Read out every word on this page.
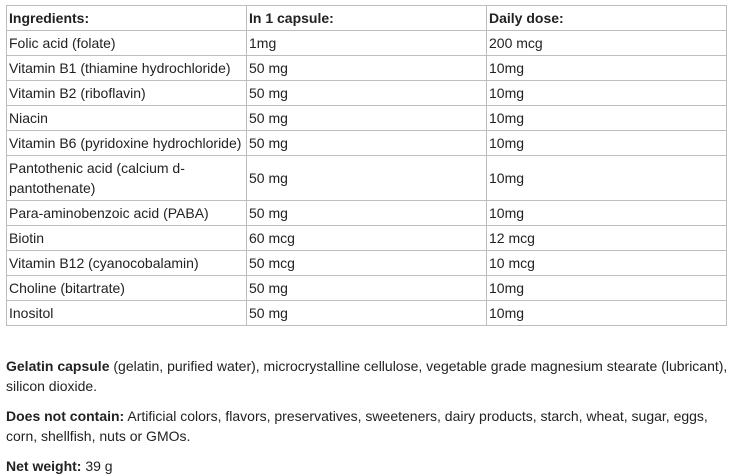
Ingredients:	In 1 capsule:	Daily dose:
Folic acid (folate)	1mg	200 mcg
Vitamin B1 (thiamine hydrochloride)	50 mg	10mg
Vitamin B2 (riboflavin)	50 mg	10mg
Niacin	50 mg	10mg
Vitamin B6 (pyridoxine hydrochloride)	50 mg	10mg
Pantothenic acid (calcium d-pantothenate)	50 mg	10mg
Para-aminobenzoic acid (PABA)	50 mg	10mg
Biotin	60 mcg	12 mcg
Vitamin B12 (cyanocobalamin)	50 mcg	10 mcg
Choline (bitartrate)	50 mg	10mg
Inositol	50 mg	10mg

Gelatin capsule (gelatin, purified water), microcrystalline cellulose, vegetable grade magnesium stearate (lubricant), silicon dioxide.

Does not contain: Artificial colors, flavors, preservatives, sweeteners, dairy products, starch, wheat, sugar, eggs, corn, shellfish, nuts or GMOs.

Net weight: 39 g
